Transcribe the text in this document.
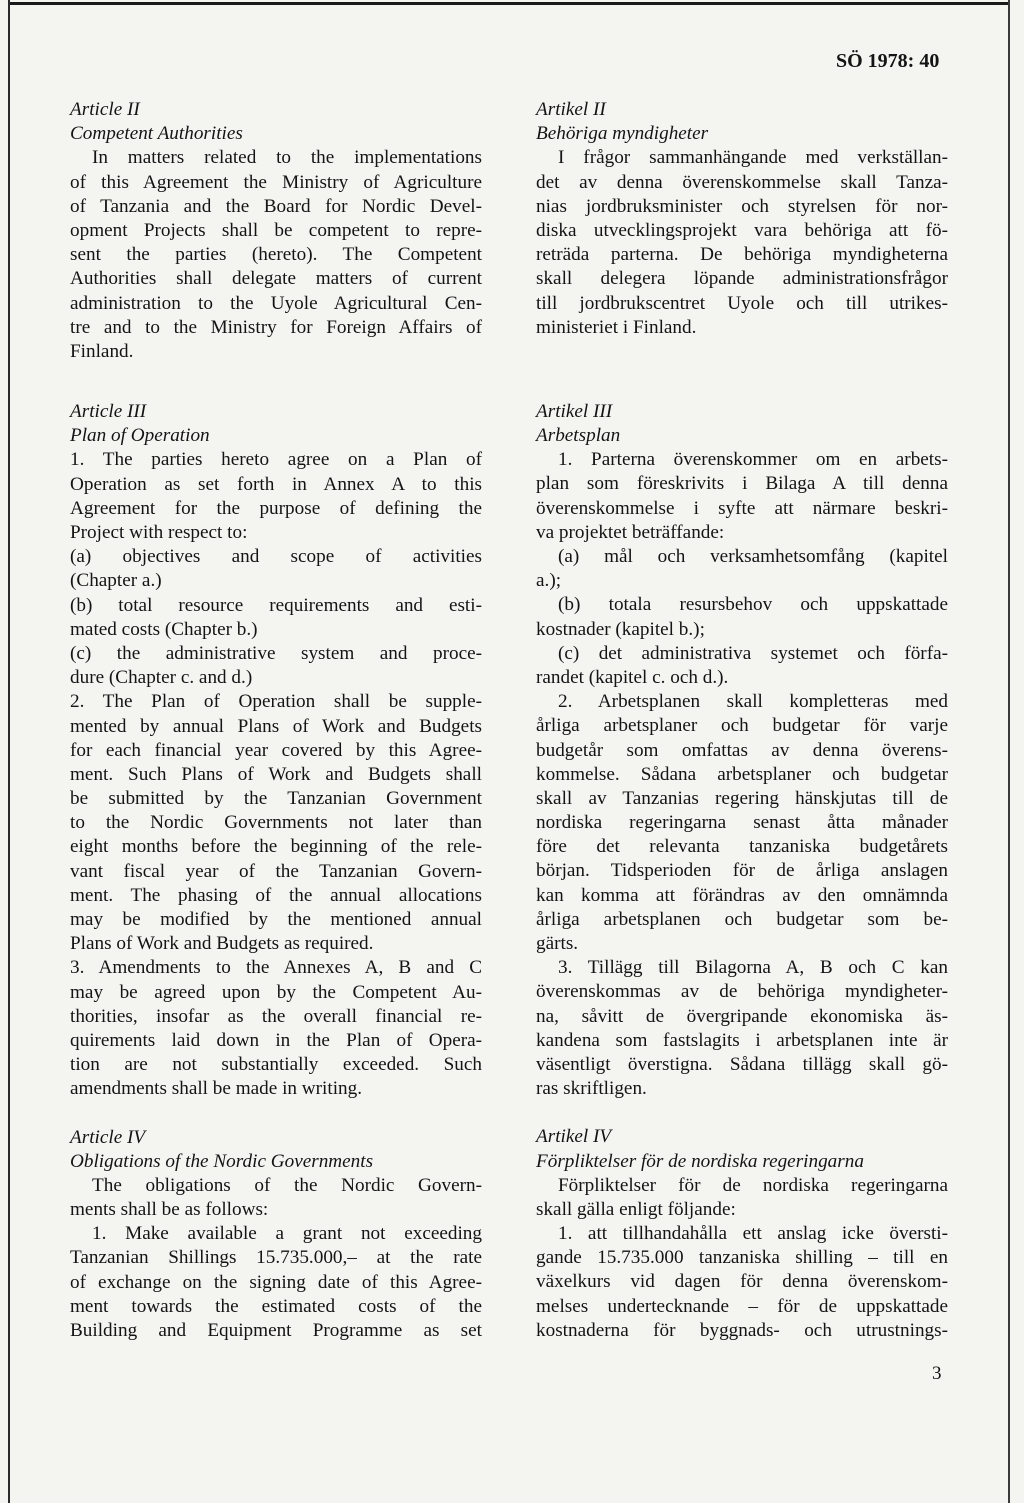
SÖ 1978: 40
Article II
Competent Authorities
In matters related to the implementations
of this Agreement the Ministry of Agriculture
of Tanzania and the Board for Nordic Devel-
opment Projects shall be competent to repre-
sent the parties (hereto). The Competent
Authorities shall delegate matters of current
administration to the Uyole Agricultural Cen-
tre and to the Ministry for Foreign Affairs of
Finland.
Article III
Plan of Operation
1. The parties hereto agree on a Plan of
Operation as set forth in Annex A to this
Agreement for the purpose of defining the
Project with respect to:
(a) objectives and scope of activities
(Chapter a.)
(b) total resource requirements and esti-
mated costs (Chapter b.)
(c) the administrative system and proce-
dure (Chapter c. and d.)
2. The Plan of Operation shall be supple-
mented by annual Plans of Work and Budgets
for each financial year covered by this Agree-
ment. Such Plans of Work and Budgets shall
be submitted by the Tanzanian Government
to the Nordic Governments not later than
eight months before the beginning of the rele-
vant fiscal year of the Tanzanian Govern-
ment. The phasing of the annual allocations
may be modified by the mentioned annual
Plans of Work and Budgets as required.
3. Amendments to the Annexes A, B and C
may be agreed upon by the Competent Au-
thorities, insofar as the overall financial re-
quirements laid down in the Plan of Opera-
tion are not substantially exceeded. Such
amendments shall be made in writing.
Article IV
Obligations of the Nordic Governments
The obligations of the Nordic Govern-
ments shall be as follows:
1. Make available a grant not exceeding
Tanzanian Shillings 15.735.000,– at the rate
of exchange on the signing date of this Agree-
ment towards the estimated costs of the
Building and Equipment Programme as set
Artikel II
Behöriga myndigheter
I frågor sammanhängande med verkställan-
det av denna överenskommelse skall Tanza-
nias jordbruksminister och styrelsen för nor-
diska utvecklingsprojekt vara behöriga att fö-
reträda parterna. De behöriga myndigheterna
skall delegera löpande administrationsfrågor
till jordbrukscentret Uyole och till utrikes-
ministeriet i Finland.
Artikel III
Arbetsplan
1. Parterna överenskommer om en arbets-
plan som föreskrivits i Bilaga A till denna
överenskommelse i syfte att närmare beskri-
va projektet beträffande:
(a) mål och verksamhetsomfång (kapitel
a.);
(b) totala resursbehov och uppskattade
kostnader (kapitel b.);
(c) det administrativa systemet och förfa-
randet (kapitel c. och d.).
2. Arbetsplanen skall kompletteras med
årliga arbetsplaner och budgetar för varje
budgetår som omfattas av denna överens-
kommelse. Sådana arbetsplaner och budgetar
skall av Tanzanias regering hänskjutas till de
nordiska regeringarna senast åtta månader
före det relevanta tanzaniska budgetårets
början. Tidsperioden för de årliga anslagen
kan komma att förändras av den omnämnda
årliga arbetsplanen och budgetar som be-
gärts.
3. Tillägg till Bilagorna A, B och C kan
överenskommas av de behöriga myndigheter-
na, såvitt de övergripande ekonomiska äs-
kandena som fastslagits i arbetsplanen inte är
väsentligt överstigna. Sådana tillägg skall gö-
ras skriftligen.
Artikel IV
Förpliktelser för de nordiska regeringarna
Förpliktelser för de nordiska regeringarna
skall gälla enligt följande:
1. att tillhandahålla ett anslag icke översti-
gande 15.735.000 tanzaniska shilling – till en
växelkurs vid dagen för denna överenskom-
melses undertecknande – för de uppskattade
kostnaderna för byggnads- och utrustnings-
3
